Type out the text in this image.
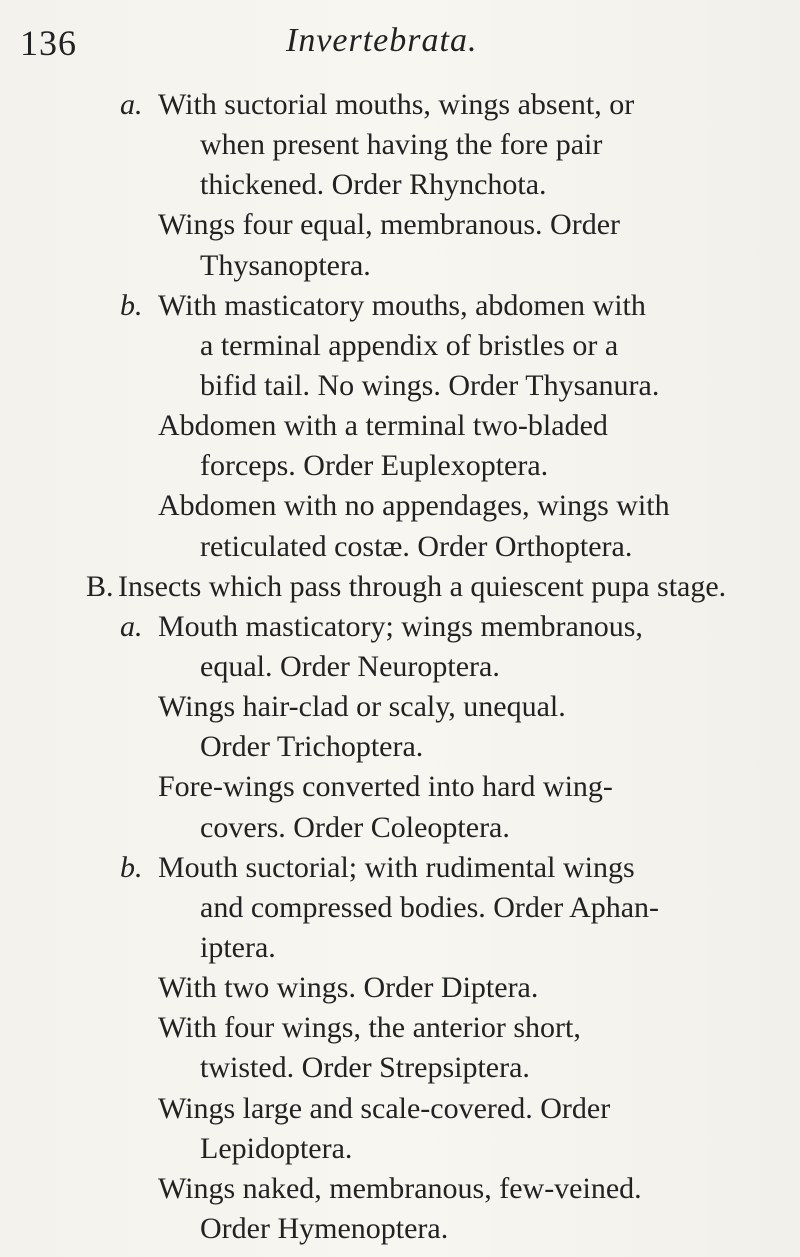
136	Invertebrata.
a. With suctorial mouths, wings absent, or
when present having the fore pair
thickened. Order Rhynchota.
Wings four equal, membranous. Order
Thysanoptera.
b. With masticatory mouths, abdomen with
a terminal appendix of bristles or a
bifid tail. No wings. Order Thysanura.
Abdomen with a terminal two-bladed
forceps. Order Euplexoptera.
Abdomen with no appendages, wings with
reticulated costæ. Order Orthoptera.
B. Insects which pass through a quiescent pupa stage.
a. Mouth masticatory; wings membranous,
equal. Order Neuroptera.
Wings hair-clad or scaly, unequal.
Order Trichoptera.
Fore-wings converted into hard wing-
covers. Order Coleoptera.
b. Mouth suctorial; with rudimental wings
and compressed bodies. Order Aphan-
iptera.
With two wings. Order Diptera.
With four wings, the anterior short,
twisted. Order Strepsiptera.
Wings large and scale-covered. Order
Lepidoptera.
Wings naked, membranous, few-veined.
Order Hymenoptera.
